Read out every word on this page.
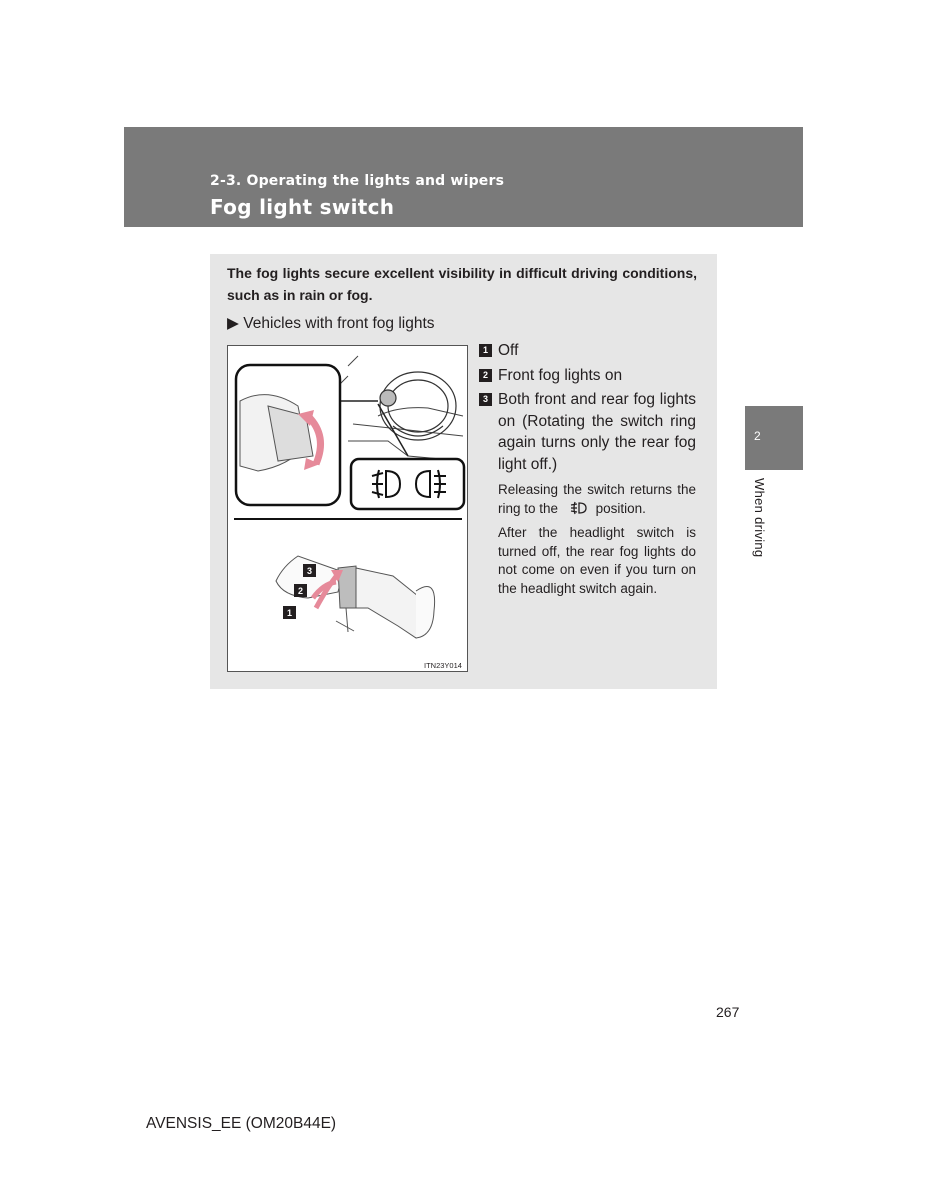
2-3. Operating the lights and wipers
Fog light switch
2
When driving
The fog lights secure excellent visibility in difficult driving conditions, such as in rain or fog.
▶ Vehicles with front fog lights
3
2
1
ITN23Y014
1 Off
2 Front fog lights on
3 Both front and rear fog lights on (Rotating the switch ring again turns only the rear fog light off.)
Releasing the switch returns the ring to the	position.
After the headlight switch is turned off, the rear fog lights do not come on even if you turn on the headlight switch again.
267
AVENSIS_EE (OM20B44E)
